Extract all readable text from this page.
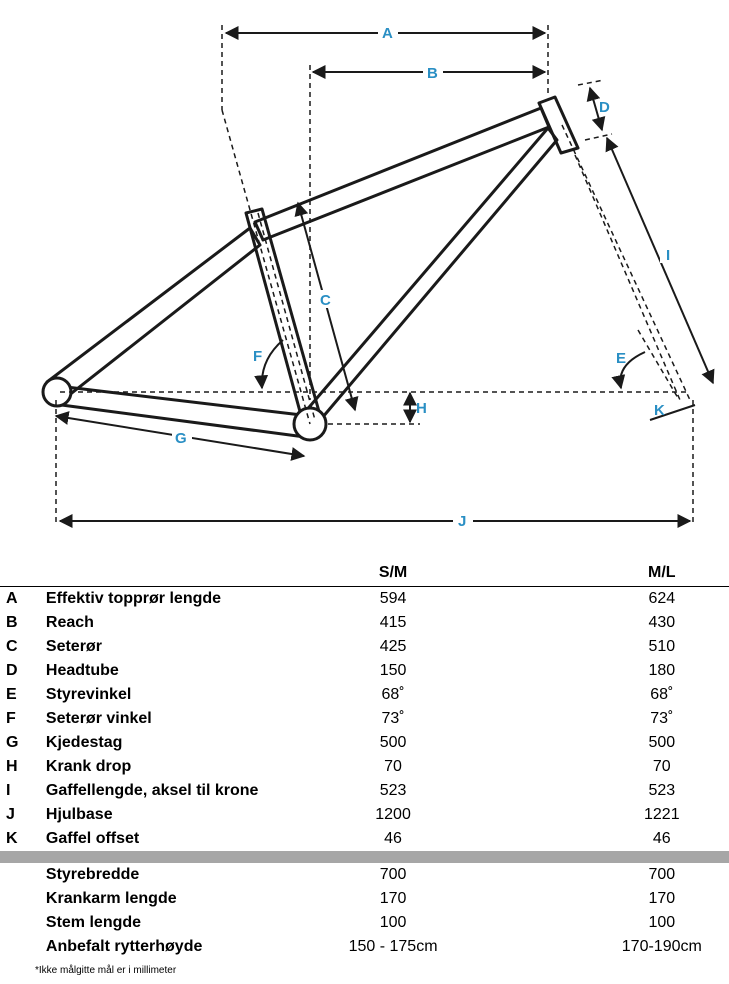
A
B
C
D
E
F
G
H
I
J
K
		S/M		M/L
A	Effektiv topprør lengde	594		624
B	Reach	415		430
C	Seterør	425		510
D	Headtube	150		180
E	Styrevinkel	68˚		68˚
F	Seterør vinkel	73˚		73˚
G	Kjedestag	500		500
H	Krank drop	70		70
I	Gaffellengde, aksel til krone	523		523
J	Hjulbase	1200		1221
K	Gaffel offset	46		46

	Styrebredde	700		700
	Krankarm lengde	170		170
	Stem lengde	100		100
	Anbefalt rytterhøyde	150 - 175cm		170-190cm
*Ikke målgitte mål er i millimeter
